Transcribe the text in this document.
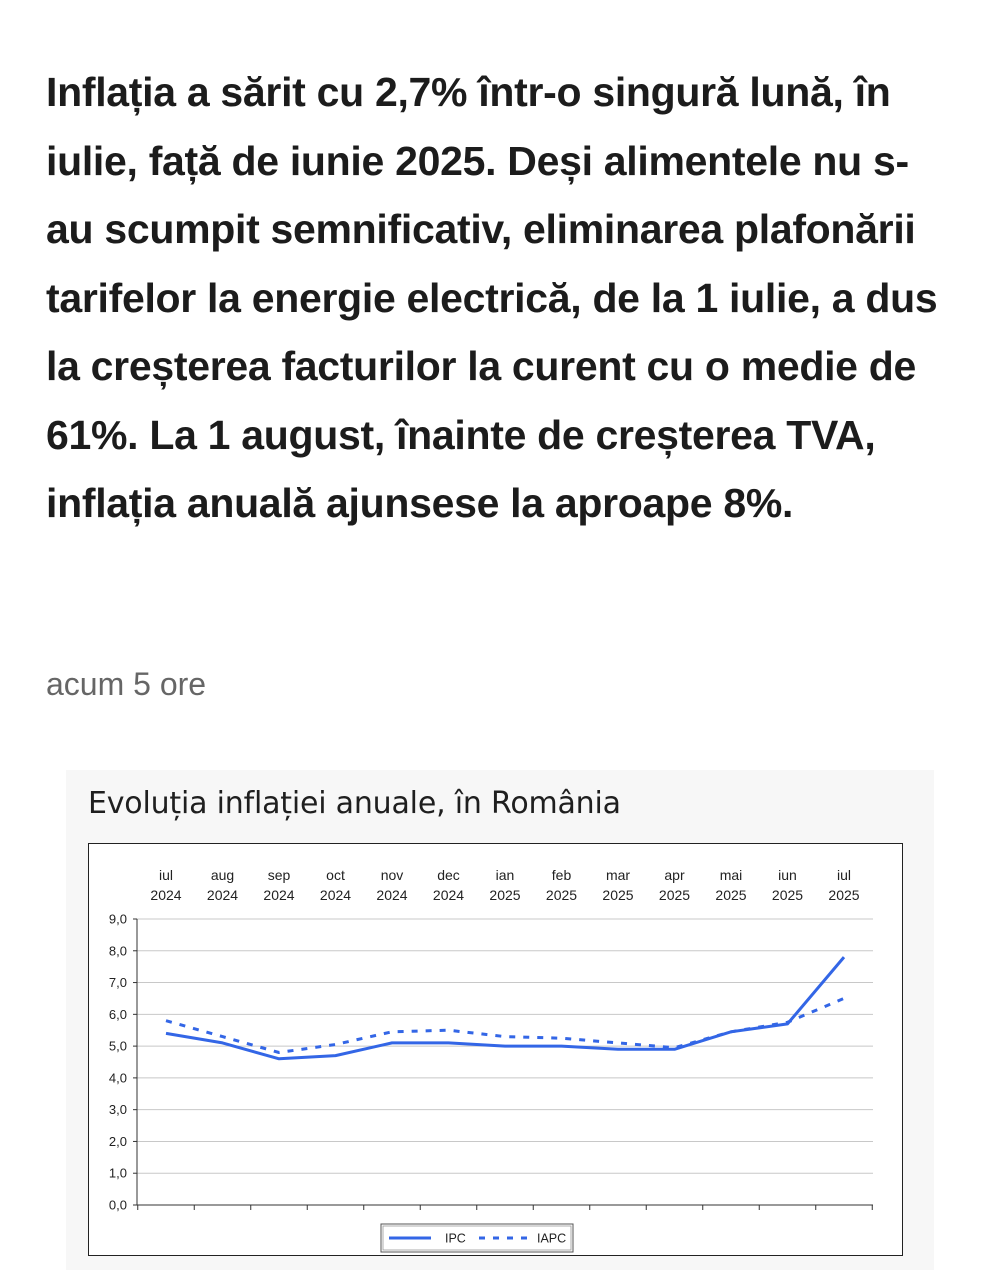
Inflația a sărit cu 2,7% într-o singură lună, în iulie, față de iunie 2025. Deși alimentele nu s-au scumpit semnificativ, eliminarea plafonării tarifelor la energie electrică, de la 1 iulie, a dus la creșterea facturilor la curent cu o medie de 61%. La 1 august, înainte de creșterea TVA, inflația anuală ajunsese la aproape 8%.

acum 5 ore

Evoluția inflației anuale, în România

0,0
1,0
2,0
3,0
4,0
5,0
6,0
7,0
8,0
9,0
iul
2024
aug
2024
sep
2024
oct
2024
nov
2024
dec
2024
ian
2025
feb
2025
mar
2025
apr
2025
mai
2025
iun
2025
iul
2025
IPC	IAPC
